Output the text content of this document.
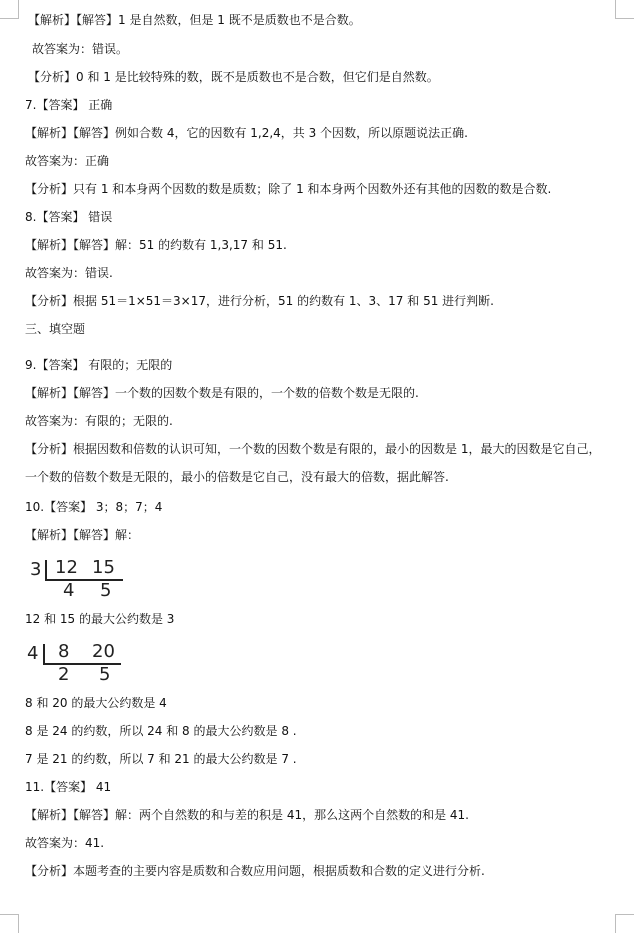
【解析】【解答】1 是自然数，但是 1 既不是质数也不是合数。
故答案为：错误。
【分析】0 和 1 是比较特殊的数，既不是质数也不是合数，但它们是自然数。
7.【答案】 正确
【解析】【解答】例如合数 4，它的因数有 1,2,4，共 3 个因数，所以原题说法正确.
故答案为：正确
【分析】只有 1 和本身两个因数的数是质数；除了 1 和本身两个因数外还有其他的因数的数是合数.
8.【答案】 错误
【解析】【解答】解：51 的约数有 1,3,17 和 51.
故答案为：错误.
【分析】根据 51＝1×51＝3×17，进行分析，51 的约数有 1、3、17 和 51 进行判断.
三、填空题
9.【答案】 有限的；无限的
【解析】【解答】一个数的因数个数是有限的，一个数的倍数个数是无限的.
故答案为：有限的；无限的.
【分析】根据因数和倍数的认识可知，一个数的因数个数是有限的，最小的因数是 1，最大的因数是它自己，一个数的倍数个数是无限的，最小的倍数是它自己，没有最大的倍数，据此解答.
10.【答案】 3；8；7；4
【解析】【解答】解：
3 12 15
4 5
12 和 15 的最大公约数是 3
4 8 20
2 5
8 和 20 的最大公约数是 4
8 是 24 的约数，所以 24 和 8 的最大公约数是 8 .
7 是 21 的约数，所以 7 和 21 的最大公约数是 7 .
11.【答案】 41
【解析】【解答】解：两个自然数的和与差的积是 41，那么这两个自然数的和是 41.
故答案为：41.
【分析】本题考查的主要内容是质数和合数应用问题，根据质数和合数的定义进行分析.
